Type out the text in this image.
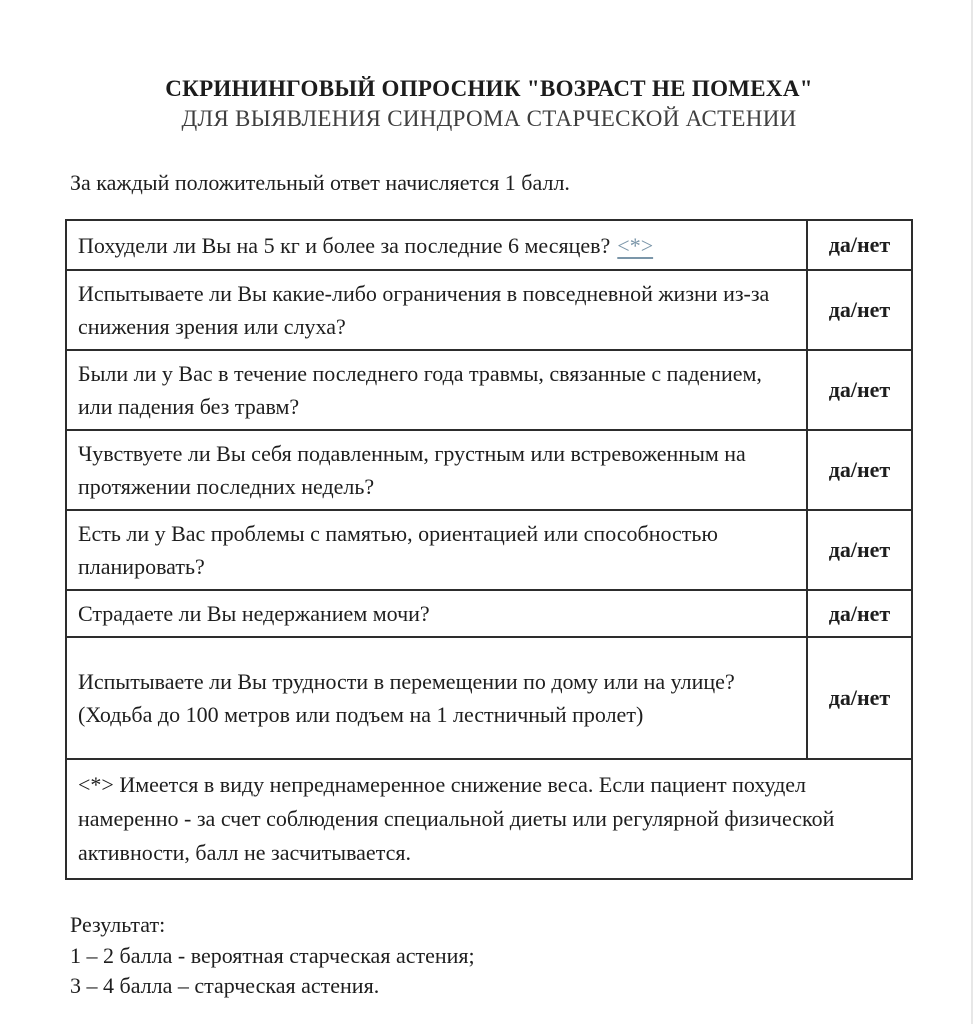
СКРИНИНГОВЫЙ ОПРОСНИК "ВОЗРАСТ НЕ ПОМЕХА"
ДЛЯ ВЫЯВЛЕНИЯ СИНДРОМА СТАРЧЕСКОЙ АСТЕНИИ
За каждый положительный ответ начисляется 1 балл.
Похудели ли Вы на 5 кг и более за последние 6 месяцев? <*>	да/нет
Испытываете ли Вы какие-либо ограничения в повседневной жизни из-за снижения зрения или слуха?	да/нет
Были ли у Вас в течение последнего года травмы, связанные с падением, или падения без травм?	да/нет
Чувствуете ли Вы себя подавленным, грустным или встревоженным на протяжении последних недель?	да/нет
Есть ли у Вас проблемы с памятью, ориентацией или способностью планировать?	да/нет
Страдаете ли Вы недержанием мочи?	да/нет

Испытываете ли Вы трудности в перемещении по дому или на улице?
(Ходьба до 100 метров или подъем на 1 лестничный пролет)	да/нет
<*> Имеется в виду непреднамеренное снижение веса. Если пациент похудел намеренно - за счет соблюдения специальной диеты или регулярной физической активности, балл не засчитывается.	
Результат:
1 – 2 балла - вероятная старческая астения;
3 – 4 балла – старческая астения.
